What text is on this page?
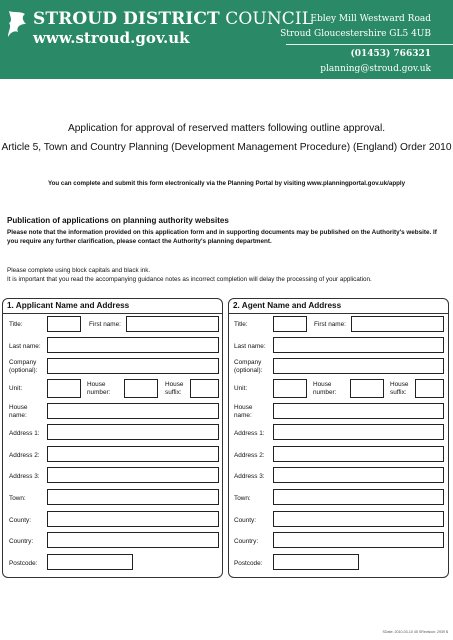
STROUD DISTRICT COUNCIL
www.stroud.gov.uk
Ebley Mill Westward Road
Stroud Gloucestershire GL5 4UB
(01453) 766321
planning@stroud.gov.uk
Application for approval of reserved matters following outline approval.
Article 5, Town and Country Planning (Development Management Procedure) (England) Order 2010
You can complete and submit this form electronically via the Planning Portal by visiting www.planningportal.gov.uk/apply
Publication of applications on planning authority websites
Please note that the information provided on this application form and in supporting documents may be published on the Authority's website. If you require any further clarification, please contact the Authority's planning department.
Please complete using block capitals and black ink.
It is important that you read the accompanying guidance notes as incorrect completion will delay the processing of your application.
1. Applicant Name and Address
Title:	First name:
Last name:
Company
(optional):
Unit:
House
number:
House
suffix:
House
name:
Address 1:
Address 2:
Address 3:
Town:
County:
Country:
Postcode:
2. Agent Name and Address
Title:	First name:
Last name:
Company
(optional):
Unit:
House
number:
House
suffix:
House
name:
Address 1:
Address 2:
Address 3:
Town:
County:
Country:
Postcode:
SDate: 2010-03-10 45 SRevision: 2939 $
